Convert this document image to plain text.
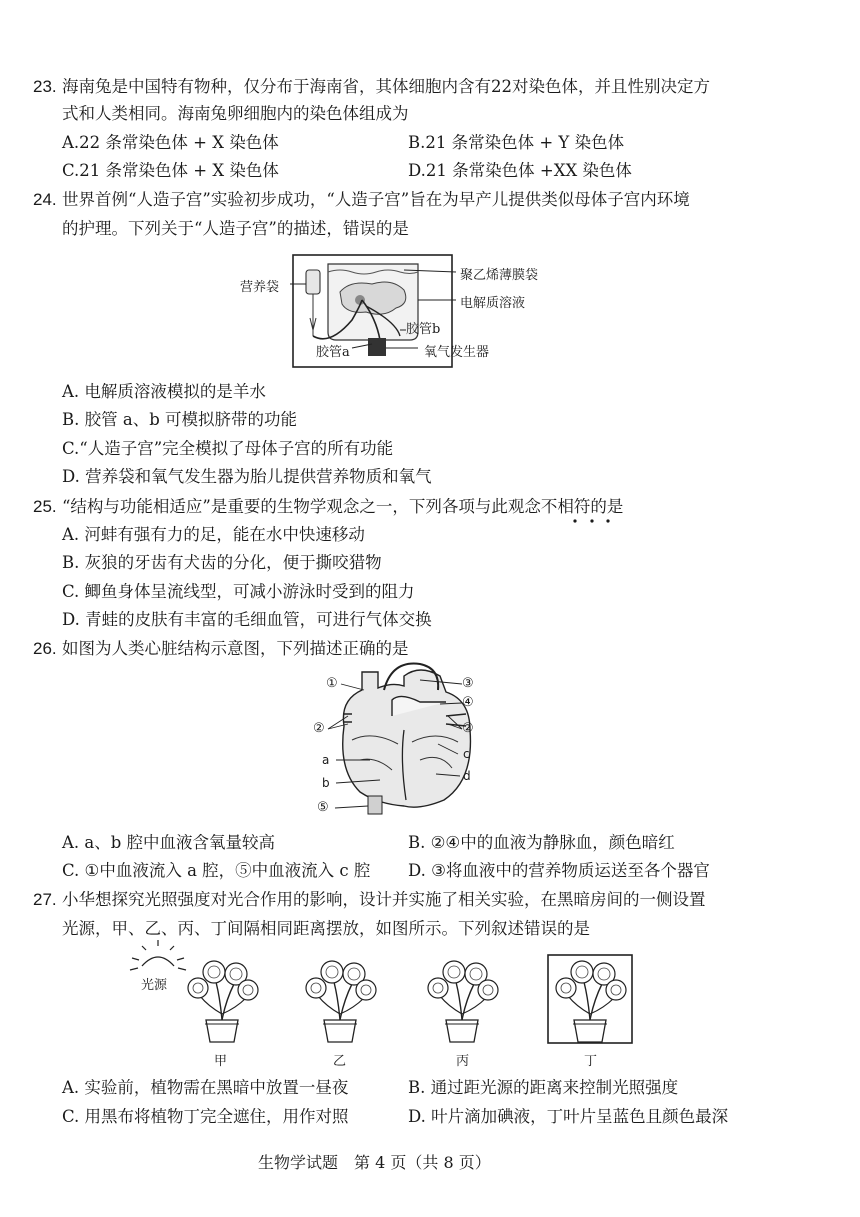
23. 海南兔是中国特有物种，仅分布于海南省，其体细胞内含有22对染色体，并且性别决定方
式和人类相同。海南兔卵细胞内的染色体组成为
A.22 条常染色体 + X 染色体	B.21 条常染色体 + Y 染色体
C.21 条常染色体 + X 染色体	D.21 条常染色体 +XX 染色体
24. 世界首例“人造子宫”实验初步成功，“人造子宫”旨在为早产儿提供类似母体子宫内环境
的护理。下列关于“人造子宫”的描述，错误的是
营养袋
聚乙烯薄膜袋
电解质溶液
胶管b
胶管a	氧气发生器
A. 电解质溶液模拟的是羊水
B. 胶管 a、b 可模拟脐带的功能
C.“人造子宫”完全模拟了母体子宫的所有功能
D. 营养袋和氧气发生器为胎儿提供营养物质和氧气
25. “结构与功能相适应”是重要的生物学观念之一，下列各项与此观念不相符的是
A. 河蚌有强有力的足，能在水中快速移动
B. 灰狼的牙齿有犬齿的分化，便于撕咬猎物
C. 鲫鱼身体呈流线型，可减小游泳时受到的阻力
D. 青蛙的皮肤有丰富的毛细血管，可进行气体交换
26. 如图为人类心脏结构示意图，下列描述正确的是
①	③
④
②	②
a
b
c
d
⑤
A. a、b 腔中血液含氧量较高	B. ②④中的血液为静脉血，颜色暗红
C. ①中血液流入 a 腔，⑤中血液流入 c 腔 D. ③将血液中的营养物质运送至各个器官
27. 小华想探究光照强度对光合作用的影响，设计并实施了相关实验，在黑暗房间的一侧设置
光源，甲、乙、丙、丁间隔相同距离摆放，如图所示。下列叙述错误的是
光源
甲	乙	丙	丁
A. 实验前，植物需在黑暗中放置一昼夜	B. 通过距光源的距离来控制光照强度
C. 用黑布将植物丁完全遮住，用作对照	D. 叶片滴加碘液，丁叶片呈蓝色且颜色最深
生物学试题　第 4 页（共 8 页）
